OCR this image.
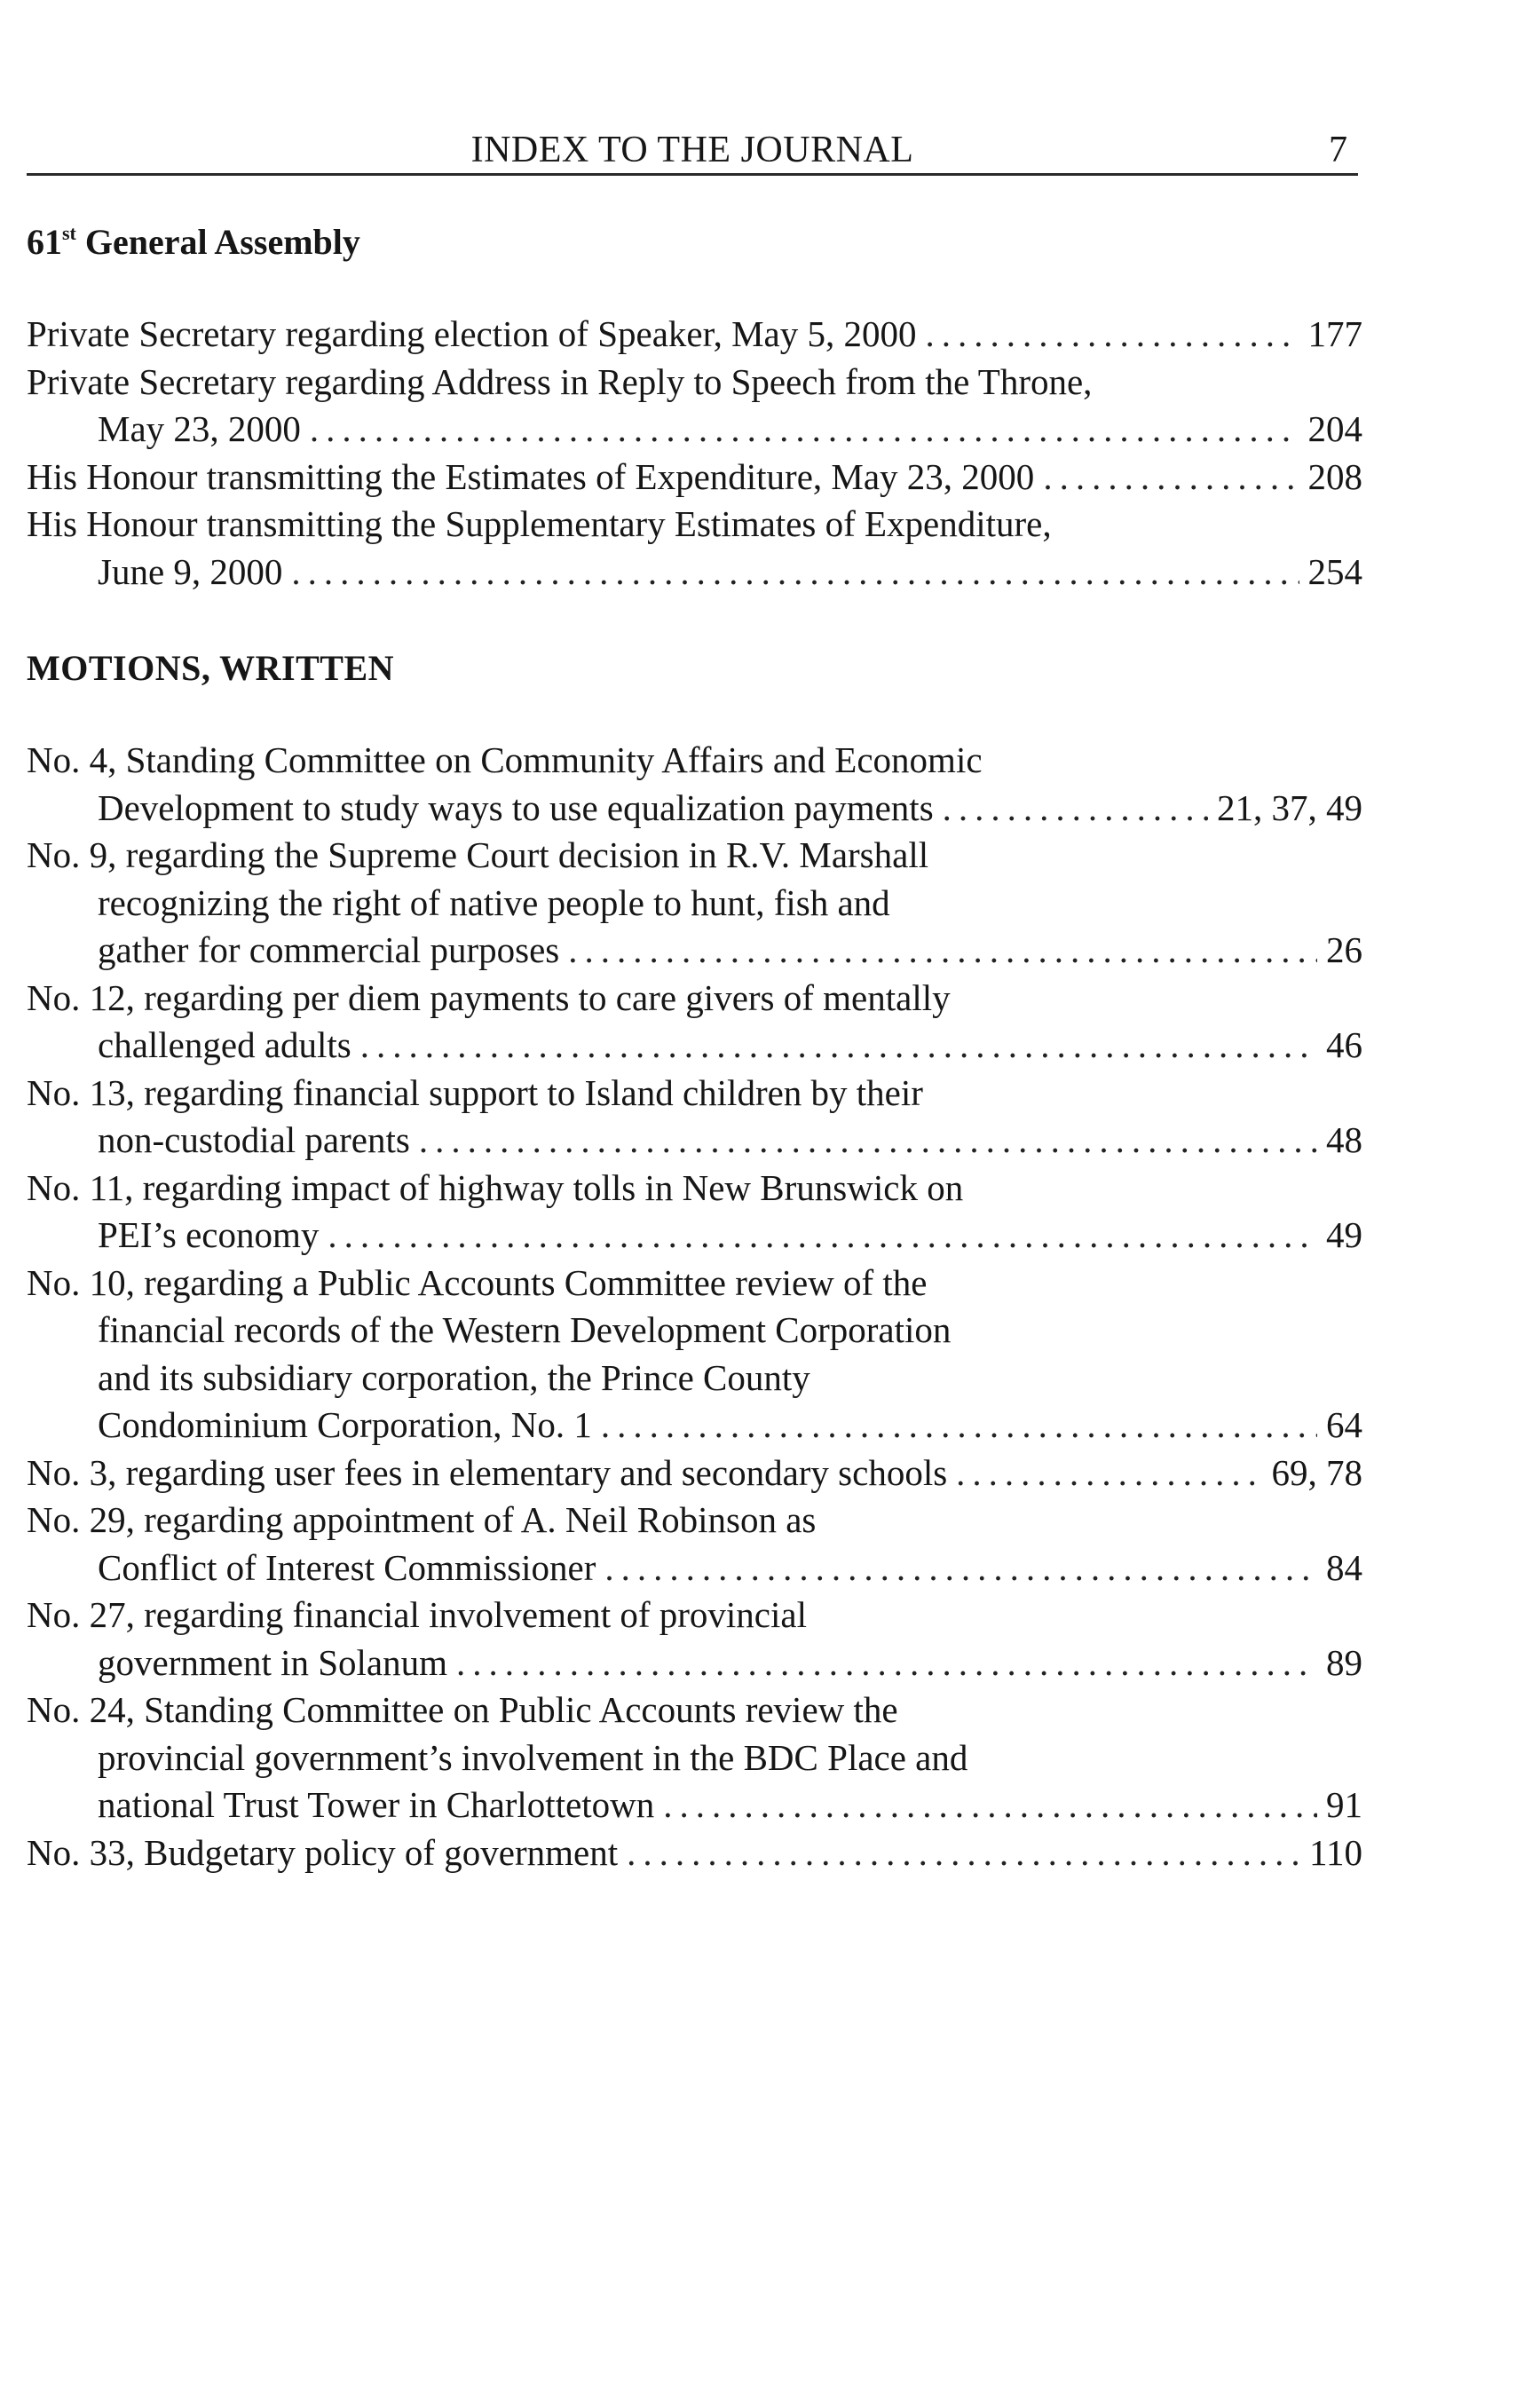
INDEX TO THE JOURNAL	7
61st General Assembly
Private Secretary regarding election of Speaker, May 5, 2000 .....	177
Private Secretary regarding Address in Reply to Speech from the Throne,
May 23, 2000 .....	204
His Honour transmitting the Estimates of Expenditure, May 23, 2000 .....	208
His Honour transmitting the Supplementary Estimates of Expenditure,
June 9, 2000 .....	254
MOTIONS, WRITTEN
No. 4, Standing Committee on Community Affairs and Economic
Development to study ways to use equalization payments .....	21, 37, 49
No. 9, regarding the Supreme Court decision in R.V. Marshall
recognizing the right of native people to hunt, fish and
gather for commercial purposes .....	26
No. 12, regarding per diem payments to care givers of mentally
challenged adults .....	46
No. 13, regarding financial support to Island children by their
non-custodial parents .....	48
No. 11, regarding impact of highway tolls in New Brunswick on
PEI’s economy .....	49
No. 10, regarding a Public Accounts Committee review of the
financial records of the Western Development Corporation
and its subsidiary corporation, the Prince County
Condominium Corporation, No. 1 .....	64
No. 3, regarding user fees in elementary and secondary schools .....	69, 78
No. 29, regarding appointment of A. Neil Robinson as
Conflict of Interest Commissioner .....	84
No. 27, regarding financial involvement of provincial
government in Solanum .....	89
No. 24, Standing Committee on Public Accounts review the
provincial government’s involvement in the BDC Place and
national Trust Tower in Charlottetown .....	91
No. 33, Budgetary policy of government .....	110
